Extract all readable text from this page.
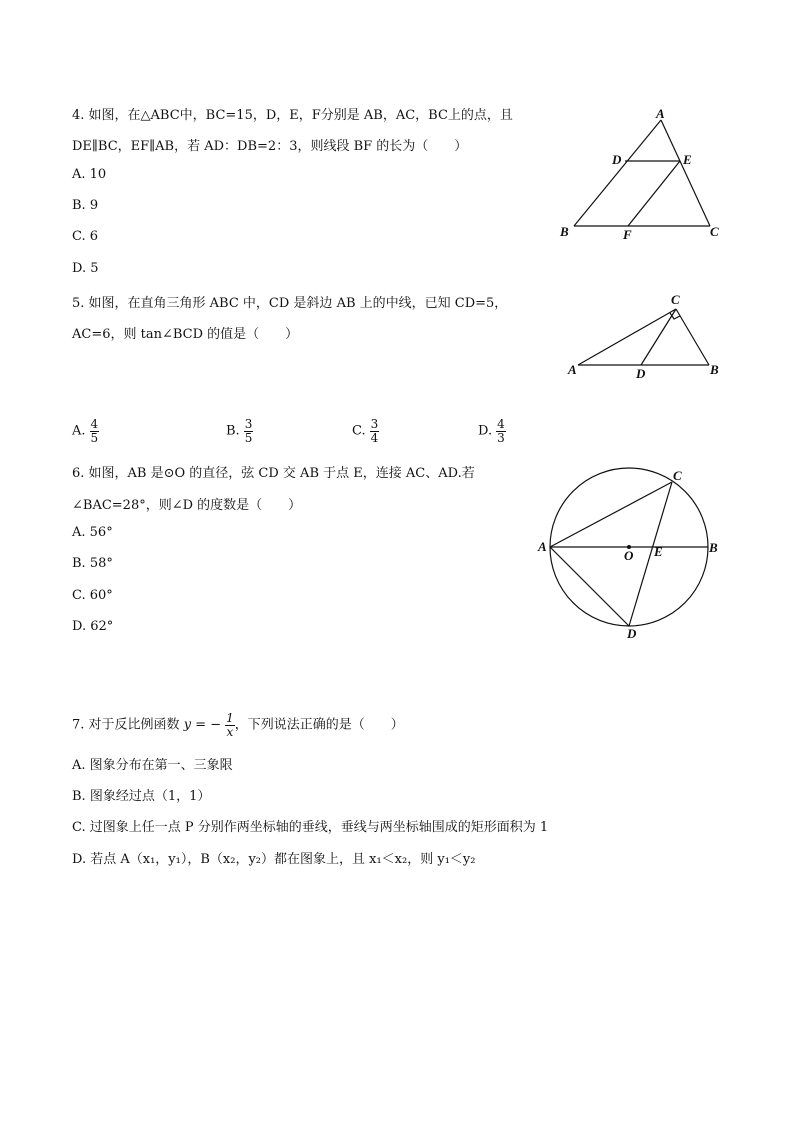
4. 如图，在△ABC中，BC=15，D，E，F分别是 AB，AC，BC上的点，且
DE∥BC，EF∥AB，若 AD：DB=2：3，则线段 BF 的长为（　　）
A. 10
B. 9
C. 6
D. 5
A
D	E
B	F	C
5. 如图，在直角三角形 ABC 中，CD 是斜边 AB 上的中线，已知 CD=5，
AC=6，则 tan∠BCD 的值是（　　）
A. $\frac{4}{5}$	B. $\frac{3}{5}$	C. $\frac{3}{4}$	D. $\frac{4}{3}$
C
A	D	B
6. 如图，AB 是⊙O 的直径，弦 CD 交 AB 于点 E，连接 AC、AD.若
∠BAC=28°，则∠D 的度数是（　　）
A. 56°
B. 58°
C. 60°
D. 62°
C
A
O E	B
D
7. 对于反比例函数 y = − $\frac{1}{x}$ ，下列说法正确的是（　　）
A. 图象分布在第一、三象限
B. 图象经过点（1，1）
C. 过图象上任一点 P 分别作两坐标轴的垂线，垂线与两坐标轴围成的矩形面积为 1
D. 若点 A（x₁，y₁），B（x₂，y₂）都在图象上，且 x₁＜x₂，则 y₁＜y₂
